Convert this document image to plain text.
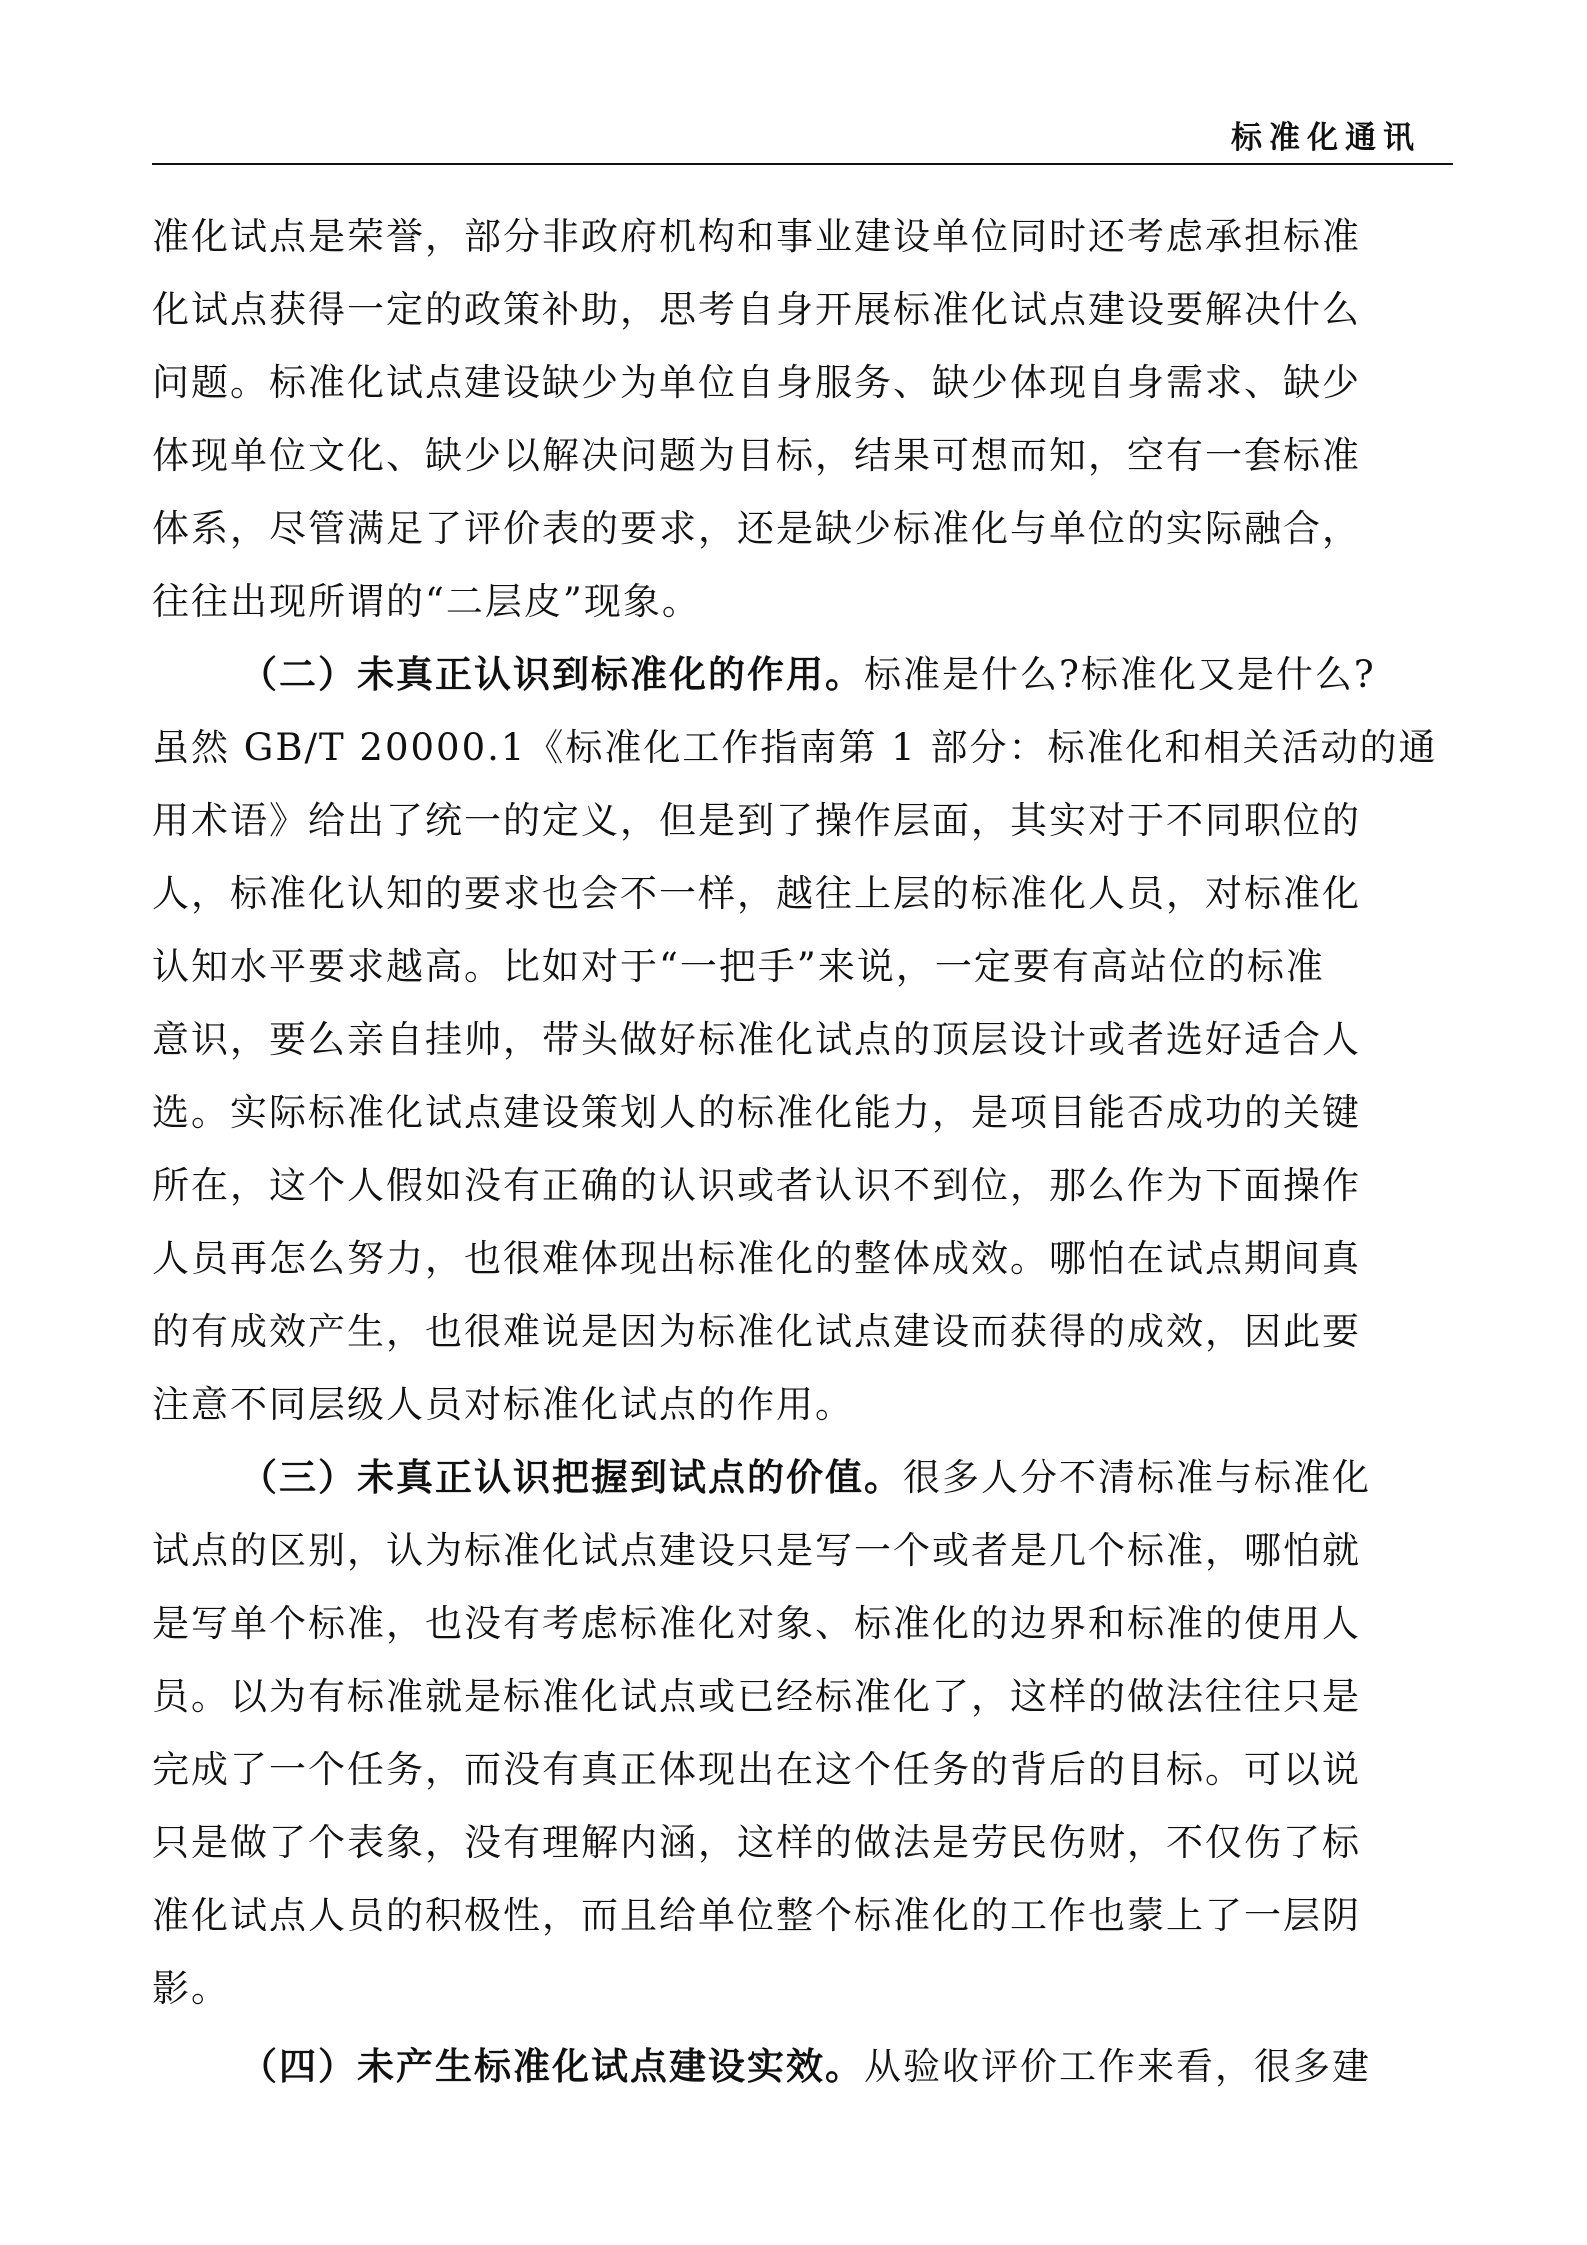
标准化通讯
准化试点是荣誉，部分非政府机构和事业建设单位同时还考虑承担标准
化试点获得一定的政策补助，思考自身开展标准化试点建设要解决什么
问题。标准化试点建设缺少为单位自身服务、缺少体现自身需求、缺少
体现单位文化、缺少以解决问题为目标，结果可想而知，空有一套标准
体系，尽管满足了评价表的要求，还是缺少标准化与单位的实际融合，
往往出现所谓的“二层皮”现象。
（二）未真正认识到标准化的作用。标准是什么?标准化又是什么?
虽然 GB/T 20000.1《标准化工作指南第 1 部分：标准化和相关活动的通
用术语》给出了统一的定义，但是到了操作层面，其实对于不同职位的
人，标准化认知的要求也会不一样，越往上层的标准化人员，对标准化
认知水平要求越高。比如对于“一把手”来说，一定要有高站位的标准
意识，要么亲自挂帅，带头做好标准化试点的顶层设计或者选好适合人
选。实际标准化试点建设策划人的标准化能力，是项目能否成功的关键
所在，这个人假如没有正确的认识或者认识不到位，那么作为下面操作
人员再怎么努力，也很难体现出标准化的整体成效。哪怕在试点期间真
的有成效产生，也很难说是因为标准化试点建设而获得的成效，因此要
注意不同层级人员对标准化试点的作用。
（三）未真正认识把握到试点的价值。很多人分不清标准与标准化
试点的区别，认为标准化试点建设只是写一个或者是几个标准，哪怕就
是写单个标准，也没有考虑标准化对象、标准化的边界和标准的使用人
员。以为有标准就是标准化试点或已经标准化了，这样的做法往往只是
完成了一个任务，而没有真正体现出在这个任务的背后的目标。可以说
只是做了个表象，没有理解内涵，这样的做法是劳民伤财，不仅伤了标
准化试点人员的积极性，而且给单位整个标准化的工作也蒙上了一层阴
影。
（四）未产生标准化试点建设实效。从验收评价工作来看，很多建
